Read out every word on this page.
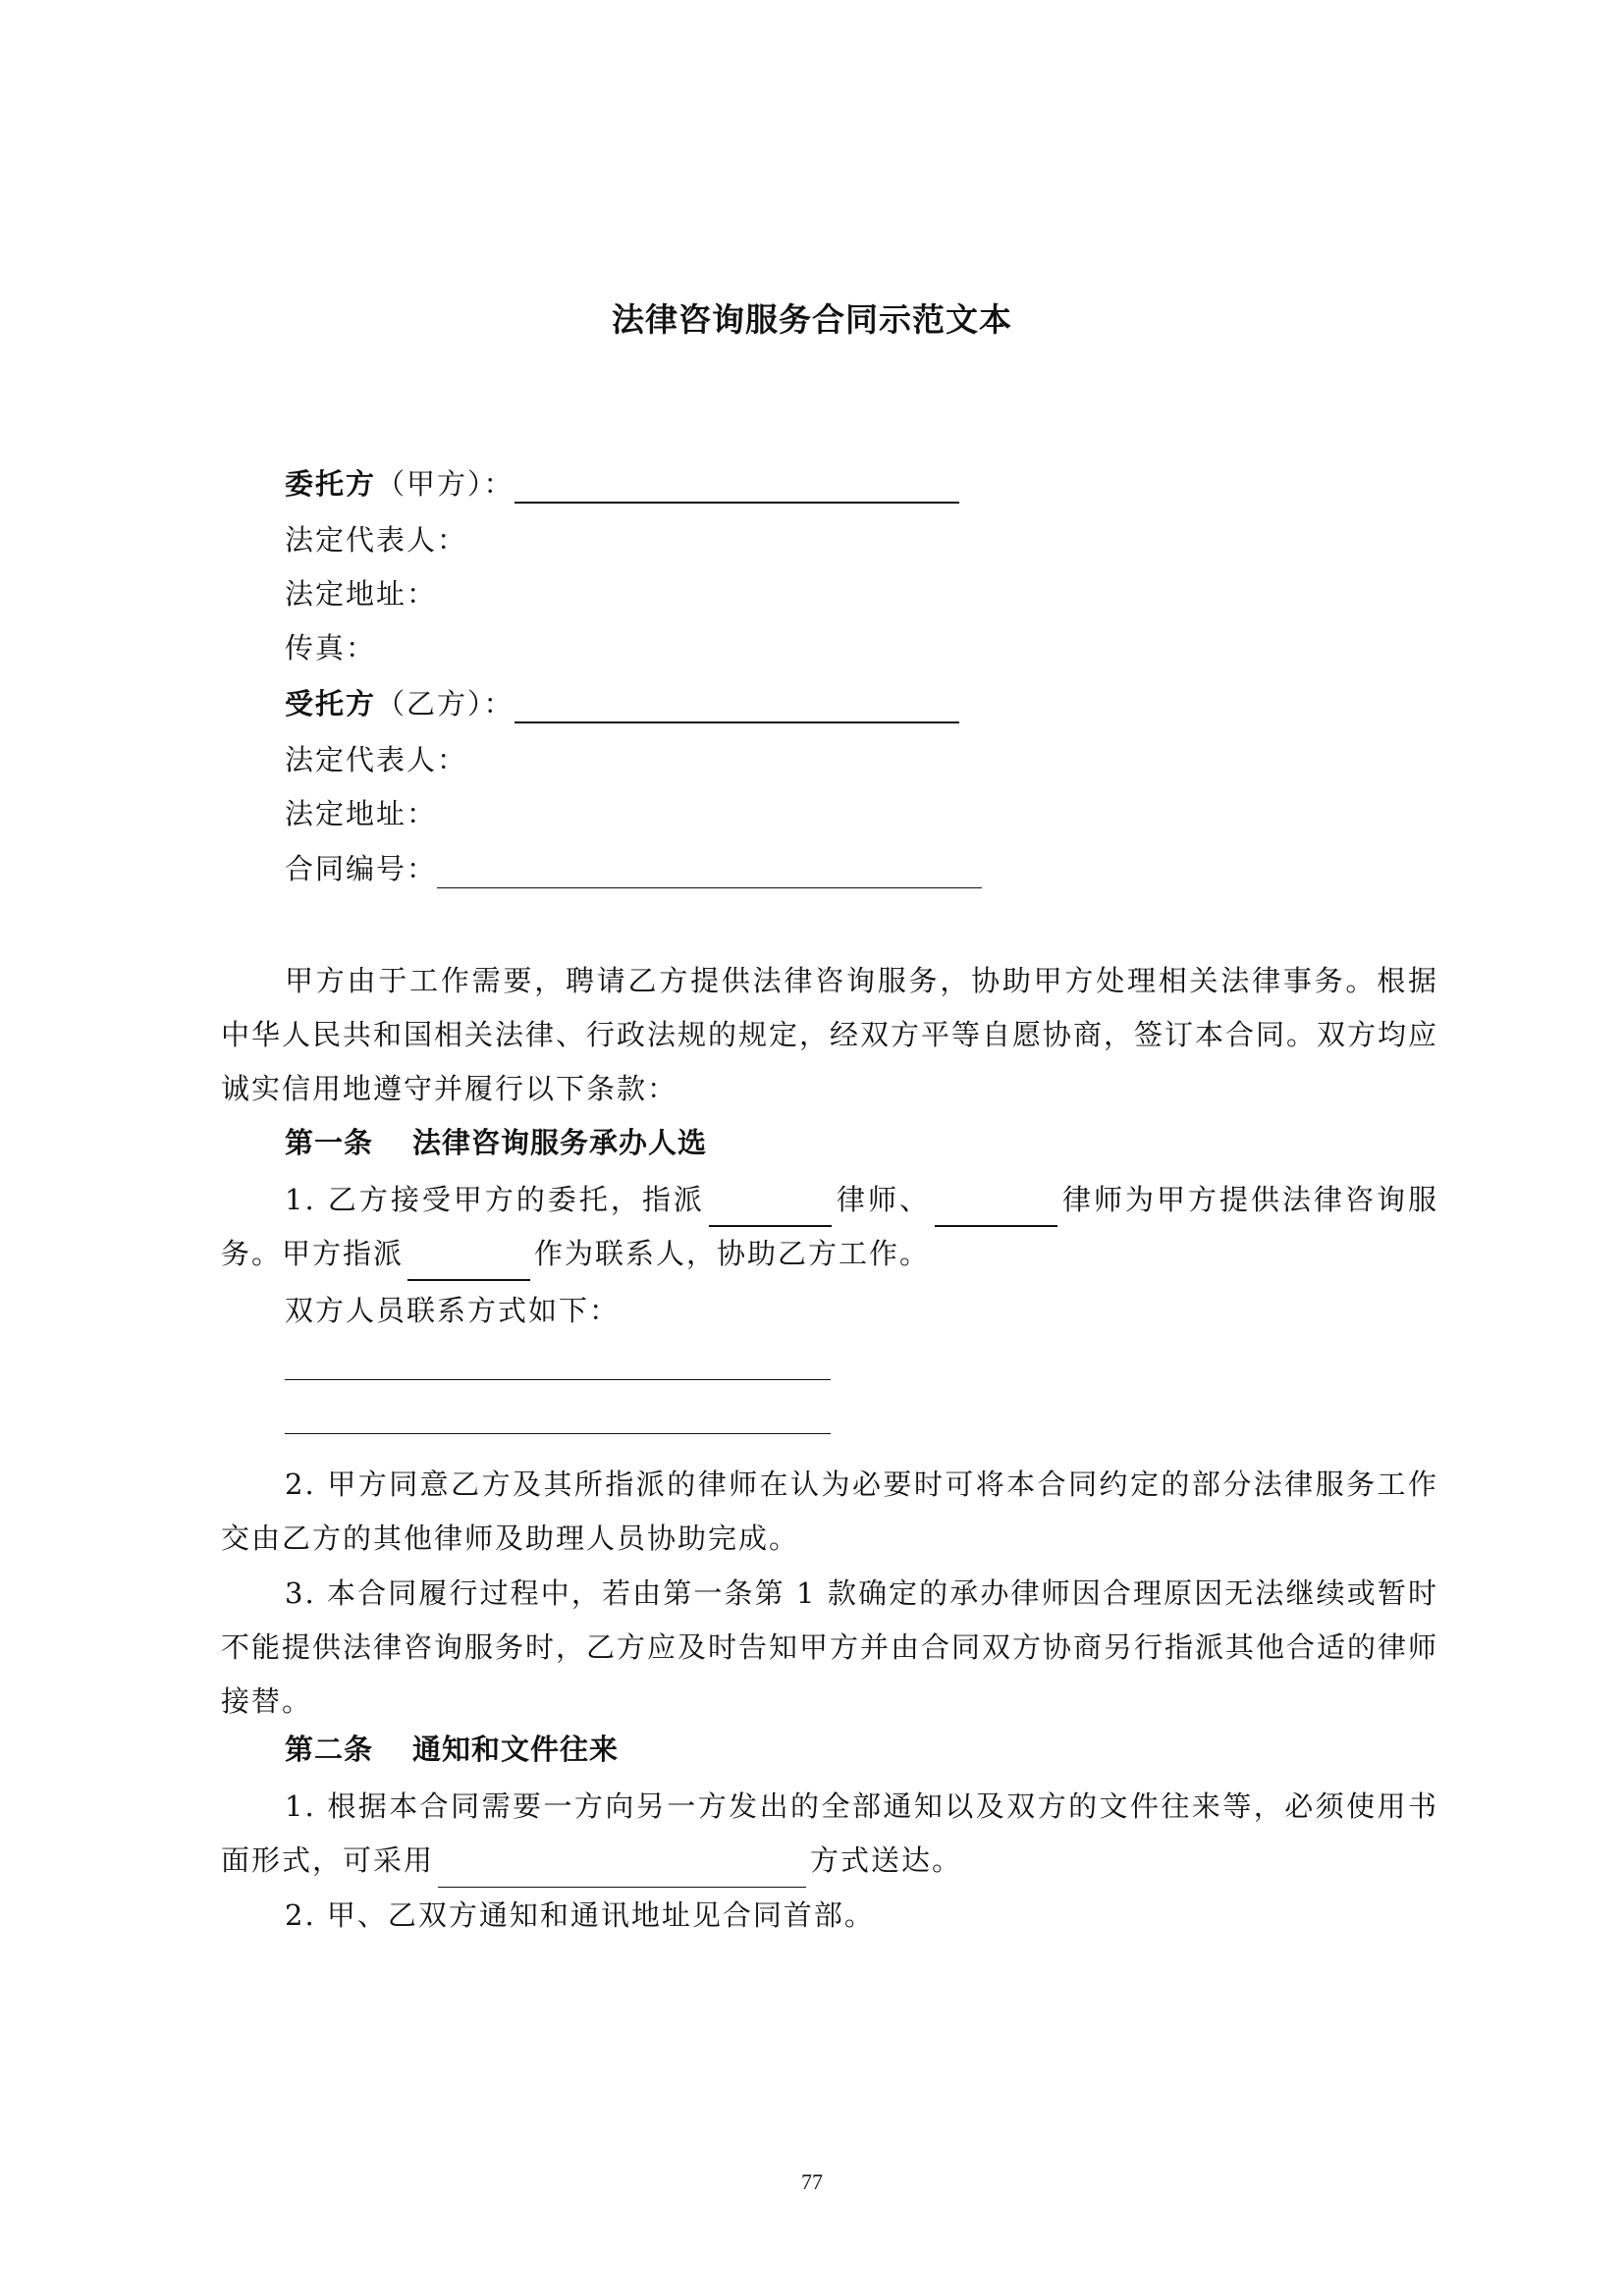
法律咨询服务合同示范文本
委托方（甲方）：
法定代表人：
法定地址：
传真：
受托方（乙方）：
法定代表人：
法定地址：
合同编号：
甲方由于工作需要，聘请乙方提供法律咨询服务，协助甲方处理相关法律事务。根据中华人民共和国相关法律、行政法规的规定，经双方平等自愿协商，签订本合同。双方均应诚实信用地遵守并履行以下条款：
第一条 法律咨询服务承办人选
1. 乙方接受甲方的委托，指派	律师、	律师为甲方提供法律咨询服务。甲方指派	作为联系人，协助乙方工作。
双方人员联系方式如下：
2. 甲方同意乙方及其所指派的律师在认为必要时可将本合同约定的部分法律服务工作交由乙方的其他律师及助理人员协助完成。
3. 本合同履行过程中，若由第一条第 1 款确定的承办律师因合理原因无法继续或暂时不能提供法律咨询服务时，乙方应及时告知甲方并由合同双方协商另行指派其他合适的律师接替。
第二条 通知和文件往来
1. 根据本合同需要一方向另一方发出的全部通知以及双方的文件往来等，必须使用书面形式，可采用	方式送达。
2. 甲、乙双方通知和通讯地址见合同首部。
77
